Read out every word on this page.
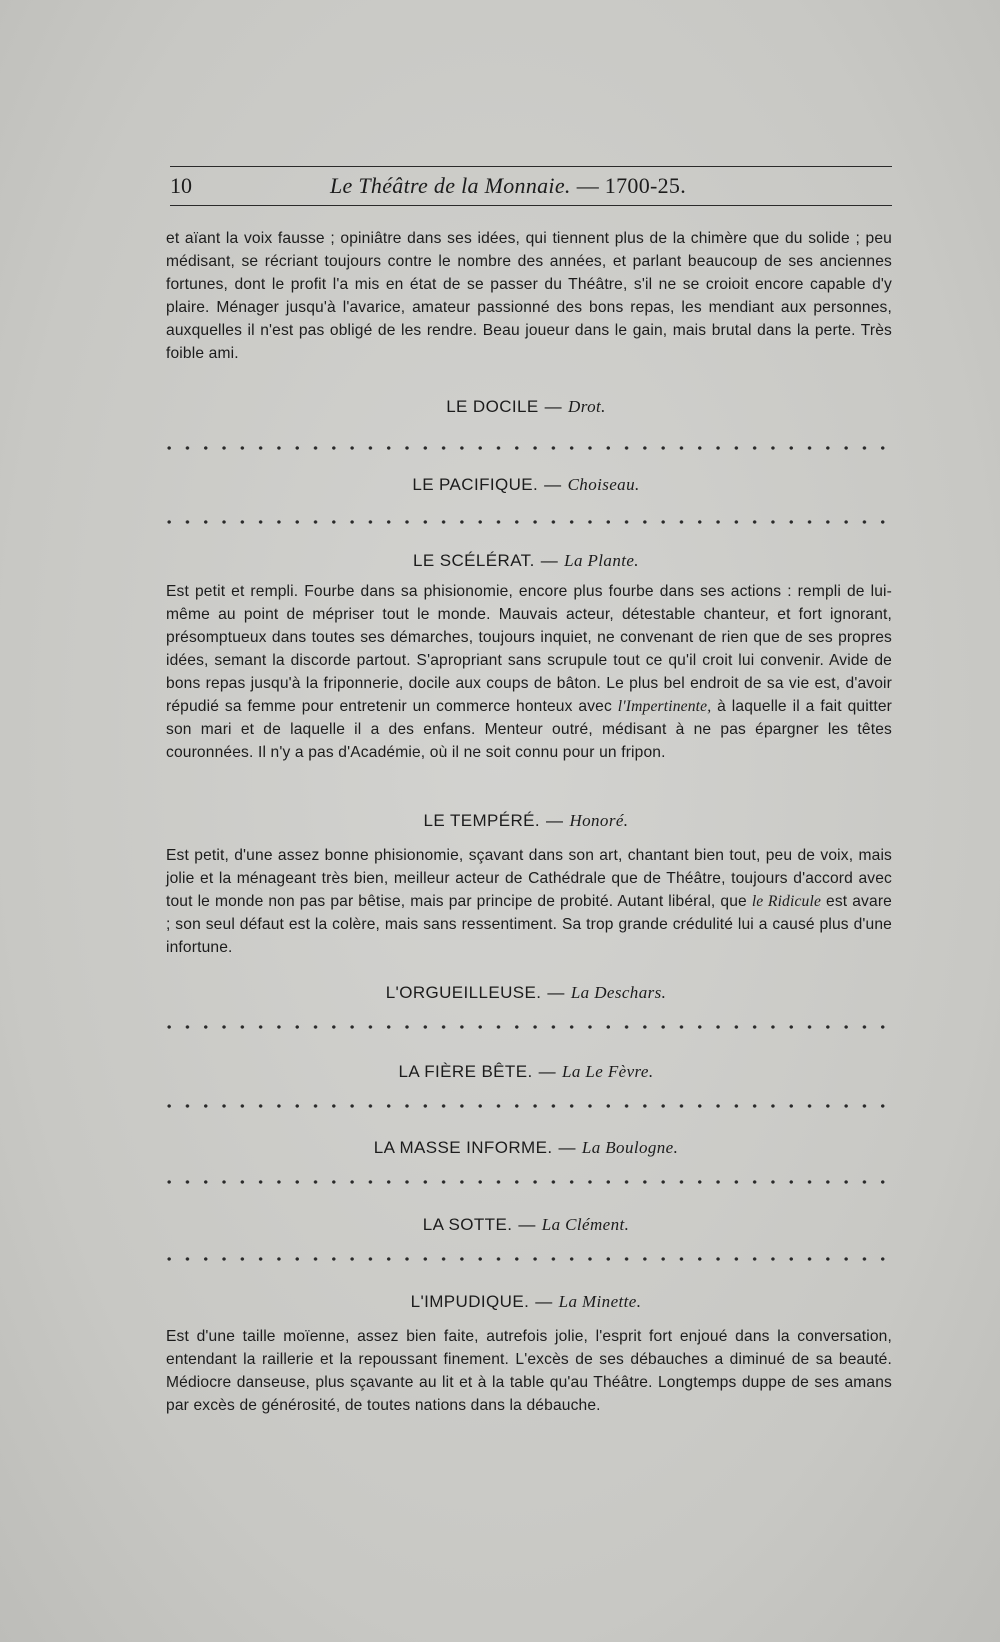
10	Le Théâtre de la Monnaie. — 1700-25.

et aïant la voix fausse ; opiniâtre dans ses idées, qui tiennent plus de la chimère que du solide ; peu médisant, se récriant toujours contre le nombre des années, et parlant beaucoup de ses anciennes fortunes, dont le profit l'a mis en état de se passer du Théâtre, s'il ne se croioit encore capable d'y plaire. Ménager jusqu'à l'avarice, amateur passionné des bons repas, les mendiant aux personnes, auxquelles il n'est pas obligé de les rendre. Beau joueur dans le gain, mais brutal dans la perte. Très foible ami.

LE DOCILE — Drot.
LE PACIFIQUE. — Choiseau.
LE SCÉLÉRAT. — La Plante.

Est petit et rempli. Fourbe dans sa phisionomie, encore plus fourbe dans ses actions : rempli de lui-même au point de mépriser tout le monde. Mauvais acteur, détestable chanteur, et fort ignorant, présomptueux dans toutes ses démarches, toujours inquiet, ne convenant de rien que de ses propres idées, semant la discorde partout. S'apropriant sans scrupule tout ce qu'il croit lui convenir. Avide de bons repas jusqu'à la friponnerie, docile aux coups de bâton. Le plus bel endroit de sa vie est, d'avoir répudié sa femme pour entretenir un commerce honteux avec l'Impertinente, à laquelle il a fait quitter son mari et de laquelle il a des enfans. Menteur outré, médisant à ne pas épargner les têtes couronnées. Il n'y a pas d'Académie, où il ne soit connu pour un fripon.

LE TEMPÉRÉ. — Honoré.

Est petit, d'une assez bonne phisionomie, sçavant dans son art, chantant bien tout, peu de voix, mais jolie et la ménageant très bien, meilleur acteur de Cathédrale que de Théâtre, toujours d'accord avec tout le monde non pas par bêtise, mais par principe de probité. Autant libéral, que le Ridicule est avare ; son seul défaut est la colère, mais sans ressentiment. Sa trop grande crédulité lui a causé plus d'une infortune.

L'ORGUEILLEUSE. — La Deschars.
LA FIÈRE BÊTE. — La Le Fèvre.
LA MASSE INFORME. — La Boulogne.
LA SOTTE. — La Clément.
L'IMPUDIQUE. — La Minette.

Est d'une taille moïenne, assez bien faite, autrefois jolie, l'esprit fort enjoué dans la conversation, entendant la raillerie et la repoussant finement. L'excès de ses débauches a diminué de sa beauté. Médiocre danseuse, plus sçavante au lit et à la table qu'au Théâtre. Longtemps duppe de ses amans par excès de générosité, de toutes nations dans la débauche.
